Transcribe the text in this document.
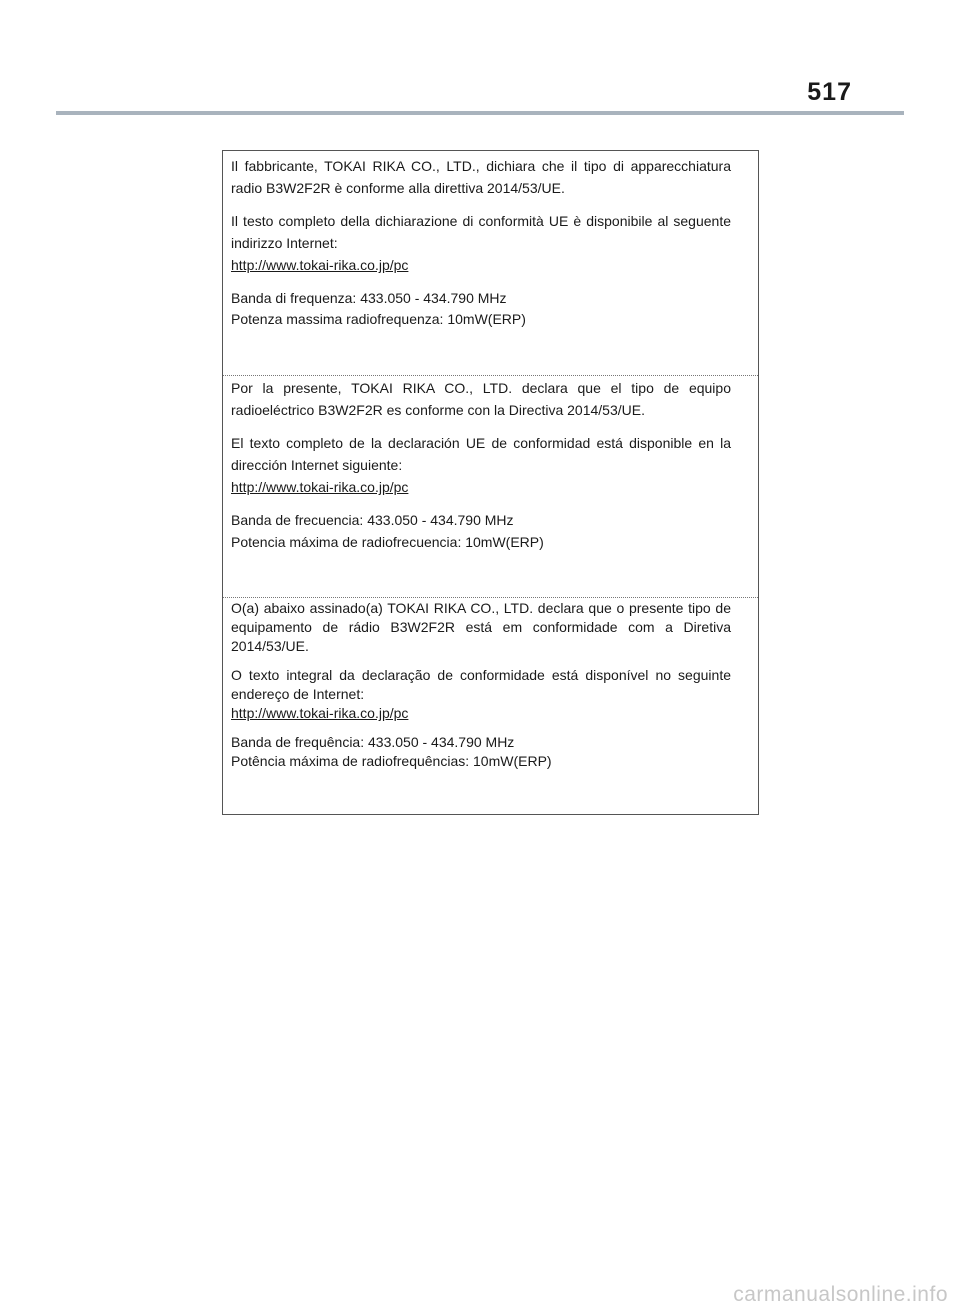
517

Il fabbricante, TOKAI RIKA CO., LTD., dichiara che il tipo di apparecchiatura radio B3W2F2R è conforme alla direttiva 2014/53/UE.

Il testo completo della dichiarazione di conformità UE è disponibile al seguente indirizzo Internet:

http://www.tokai-rika.co.jp/pc
Banda di frequenza: 433.050 - 434.790 MHz
Potenza massima radiofrequenza: 10mW(ERP)

Por la presente, TOKAI RIKA CO., LTD. declara que el tipo de equipo radioeléctrico B3W2F2R es conforme con la Directiva 2014/53/UE.

El texto completo de la declaración UE de conformidad está disponible en la dirección Internet siguiente:

http://www.tokai-rika.co.jp/pc
Banda de frecuencia: 433.050 - 434.790 MHz
Potencia máxima de radiofrecuencia: 10mW(ERP)

O(a) abaixo assinado(a) TOKAI RIKA CO., LTD. declara que o presente tipo de equipamento de rádio B3W2F2R está em conformidade com a Diretiva 2014/53/UE.

O texto integral da declaração de conformidade está disponível no seguinte endereço de Internet:

http://www.tokai-rika.co.jp/pc
Banda de frequência: 433.050 - 434.790 MHz
Potência máxima de radiofrequências: 10mW(ERP)
carmanualsonline.info
